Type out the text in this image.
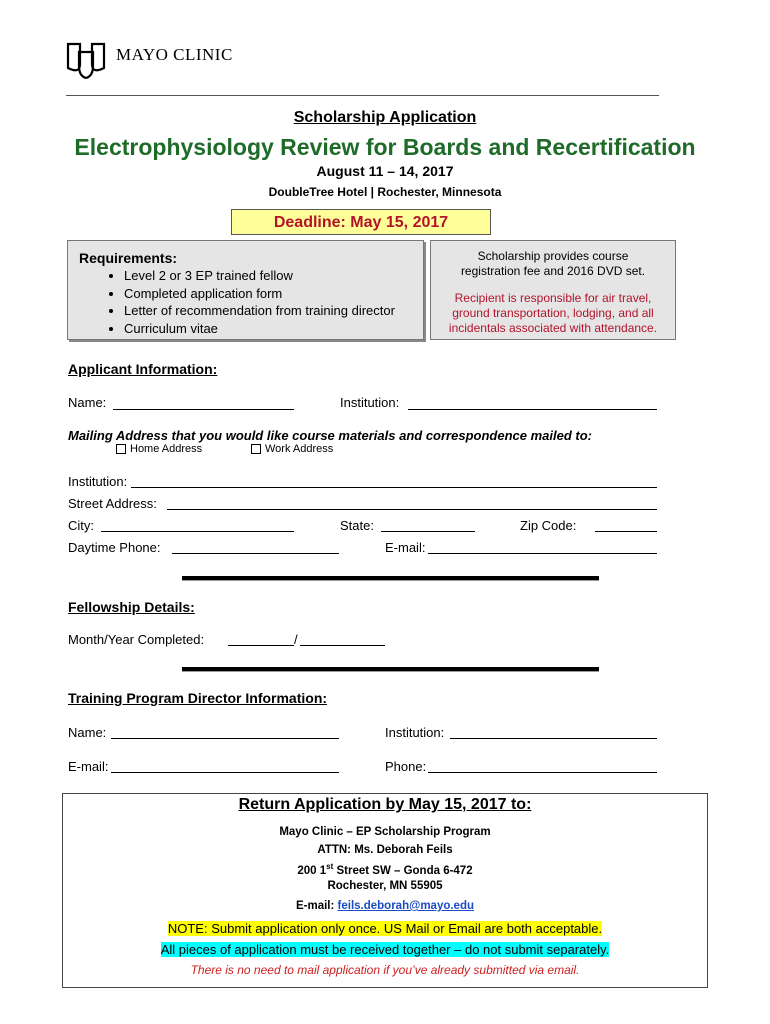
MAYO CLINIC
Scholarship Application
Electrophysiology Review for Boards and Recertification
August 11 – 14, 2017
DoubleTree Hotel | Rochester, Minnesota
Deadline: May 15, 2017
Requirements:
• Level 2 or 3 EP trained fellow
• Completed application form
• Letter of recommendation from training director
• Curriculum vitae
Scholarship provides course registration fee and 2016 DVD set.
Recipient is responsible for air travel, ground transportation, lodging, and all incidentals associated with attendance.
Applicant Information:
Name:	Institution:
Mailing Address that you would like course materials and correspondence mailed to:
Home Address	Work Address
Institution:
Street Address:
City:	State:	Zip Code:
Daytime Phone:	E-mail:
Fellowship Details:
Month/Year Completed:	/
Training Program Director Information:
Name:	Institution:
E-mail:	Phone:
Return Application by May 15, 2017 to:
Mayo Clinic – EP Scholarship Program
ATTN: Ms. Deborah Feils
200 1st Street SW – Gonda 6-472
Rochester, MN 55905
E-mail: feils.deborah@mayo.edu
NOTE: Submit application only once. US Mail or Email are both acceptable.
All pieces of application must be received together – do not submit separately.
There is no need to mail application if you’ve already submitted via email.
